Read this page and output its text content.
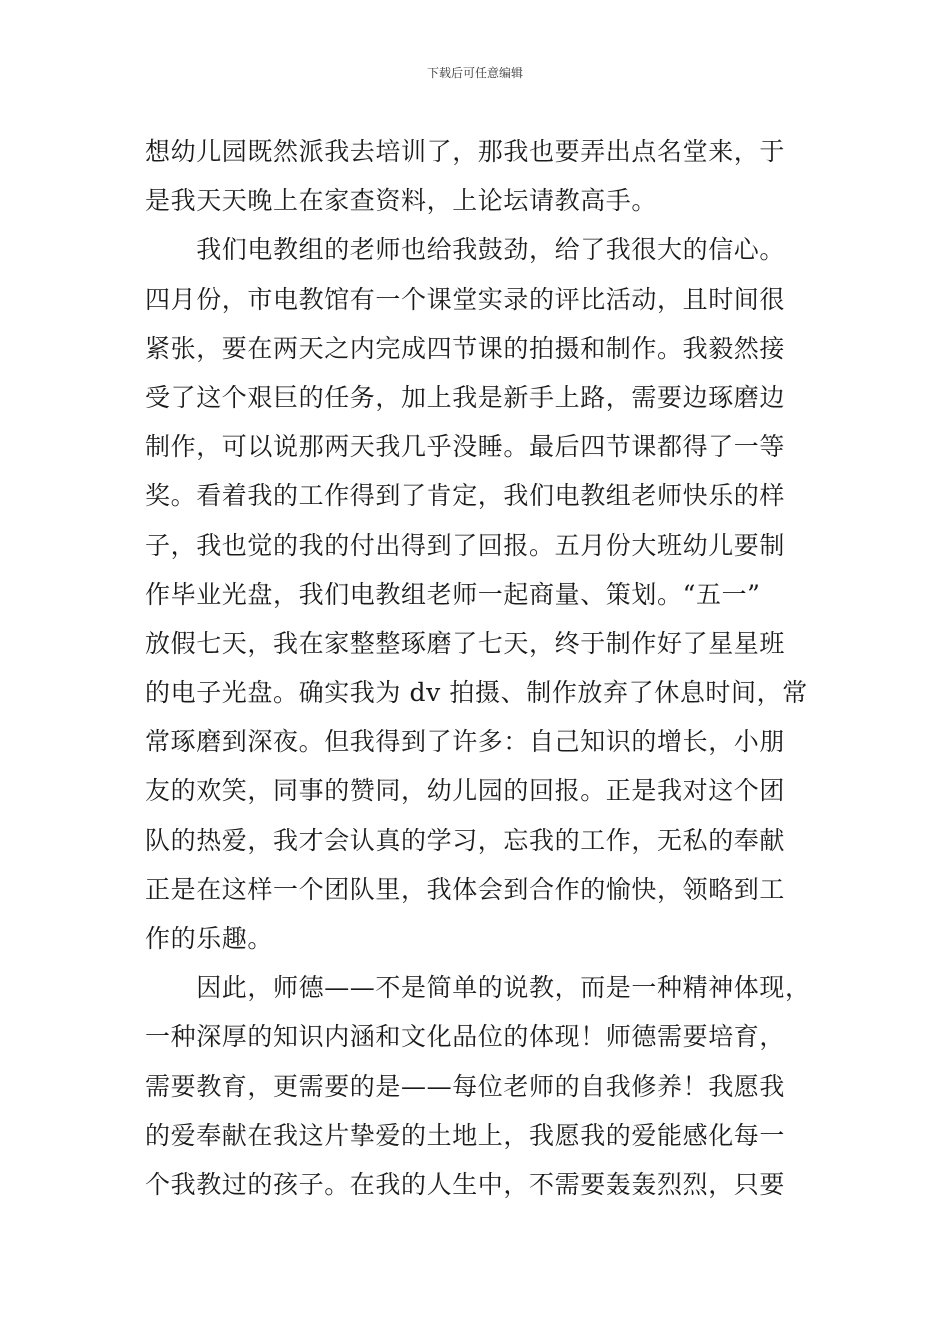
下载后可任意编辑
想幼儿园既然派我去培训了，那我也要弄出点名堂来，于
是我天天晚上在家查资料，上论坛请教高手。
　　我们电教组的老师也给我鼓劲，给了我很大的信心。
四月份，市电教馆有一个课堂实录的评比活动，且时间很
紧张，要在两天之内完成四节课的拍摄和制作。我毅然接
受了这个艰巨的任务，加上我是新手上路，需要边琢磨边
制作，可以说那两天我几乎没睡。最后四节课都得了一等
奖。看着我的工作得到了肯定，我们电教组老师快乐的样
子，我也觉的我的付出得到了回报。五月份大班幼儿要制
作毕业光盘，我们电教组老师一起商量、策划。“五一”
放假七天，我在家整整琢磨了七天，终于制作好了星星班
的电子光盘。确实我为 dv 拍摄、制作放弃了休息时间，常
常琢磨到深夜。但我得到了许多：自己知识的增长，小朋
友的欢笑，同事的赞同，幼儿园的回报。正是我对这个团
队的热爱，我才会认真的学习，忘我的工作，无私的奉献
正是在这样一个团队里，我体会到合作的愉快，领略到工
作的乐趣。
　　因此，师德——不是简单的说教，而是一种精神体现，
一种深厚的知识内涵和文化品位的体现！师德需要培育，
需要教育，更需要的是——每位老师的自我修养！我愿我
的爱奉献在我这片挚爱的土地上，我愿我的爱能感化每一
个我教过的孩子。在我的人生中，不需要轰轰烈烈，只要
